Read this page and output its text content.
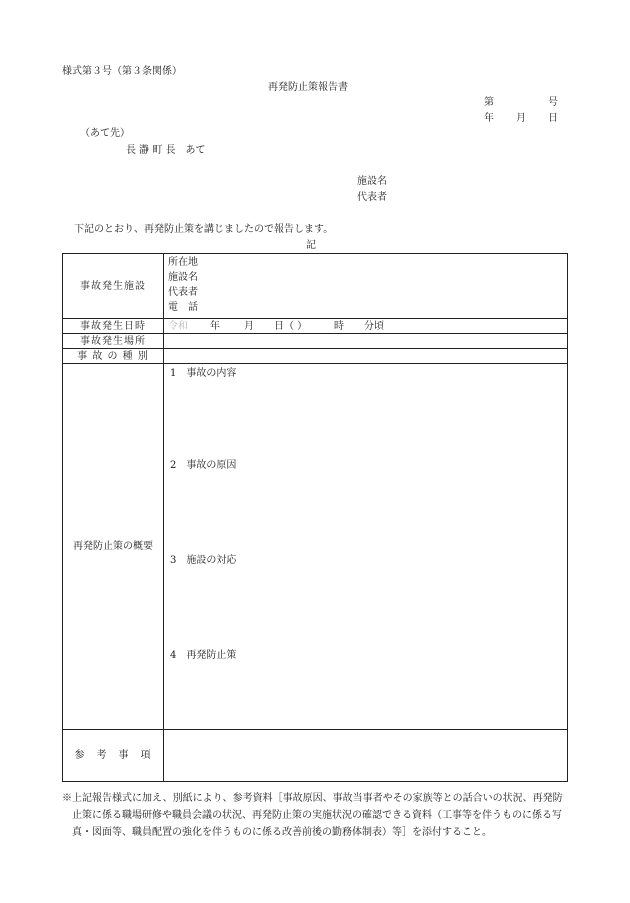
様式第３号（第３条関係）
再発防止策報告書
第	号
年 月 日
（あて先）
長 瀞 町 長　あて
施設名
代表者
下記のとおり、再発防止策を講じましたので報告します。
記
事故発生施設	所在地
施設名
代表者
電　話

事故発生日時	令和 年 月 日（ ） 時 分頃
事故発生場所	
事 故 の 種 別	
再発防止策の概要	1　事故の内容
2　事故の原因
3　施設の対応
4　再発防止策

参　考　事　項	
※上記報告様式に加え、別紙により、参考資料［事故原因、事故当事者やその家族等との話合いの状況、再発防
止策に係る職場研修や職員会議の状況、再発防止策の実施状況の確認できる資料（工事等を伴うものに係る写
真・図面等、職員配置の強化を伴うものに係る改善前後の勤務体制表）等］を添付すること。
